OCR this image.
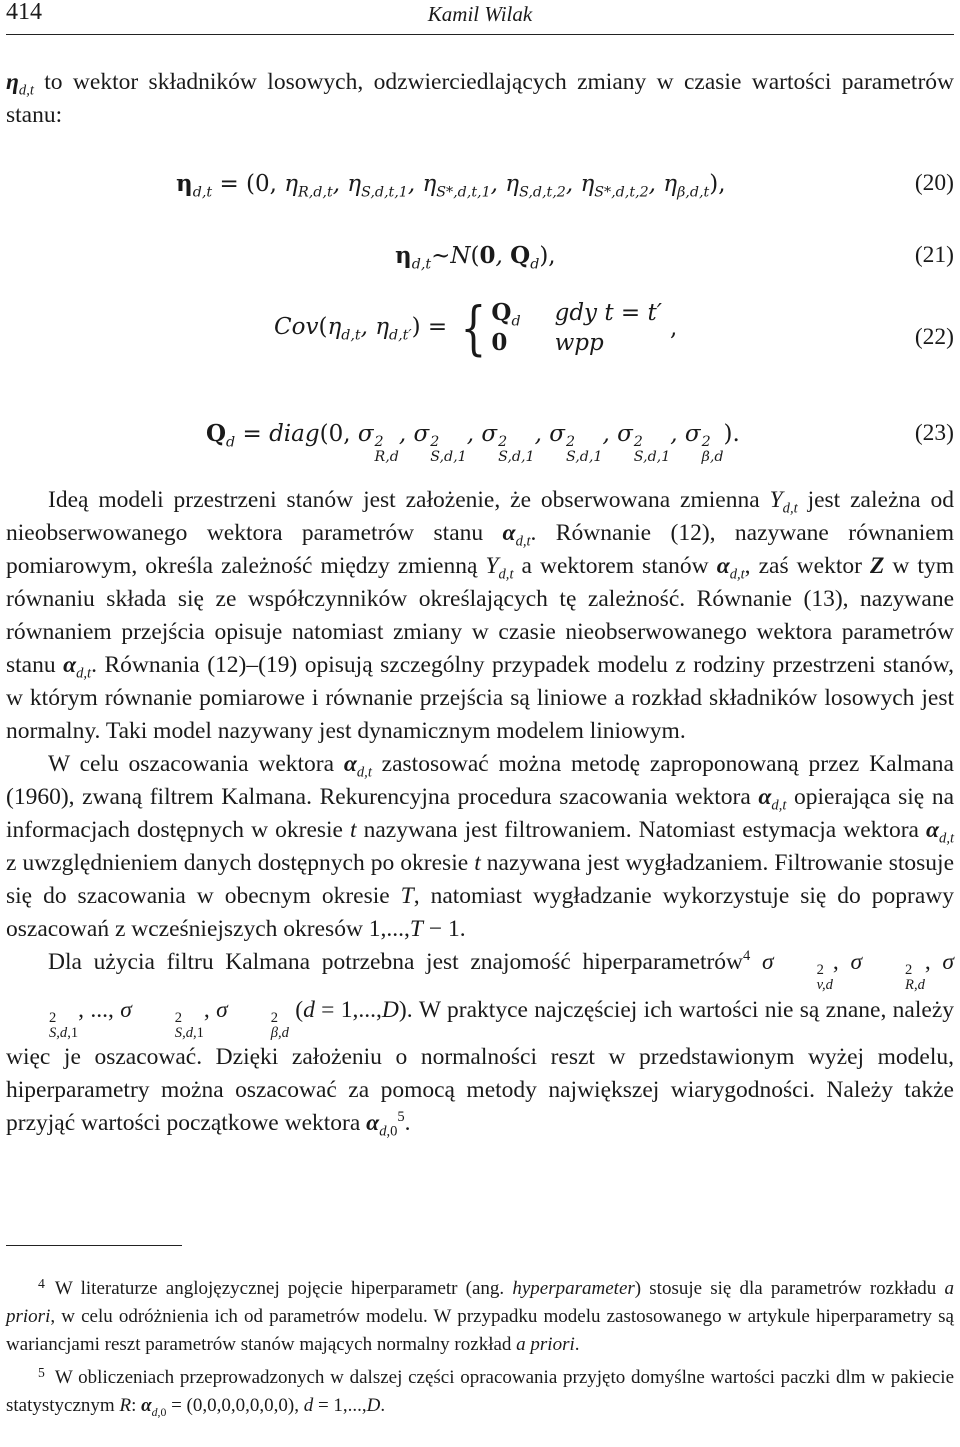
414	Kamil Wilak

$\eta_{d,t}$ to wektor składników losowych, odzwierciedlających zmiany w czasie wartości parametrów stanu:

$\eta_{d,t} = (0$, $\eta_{R,d,t}$, $\eta_{S,d,t,1}$, $\eta_{S*,d,t,1}$, $\eta_{S,d,t,2}$, $\eta_{S*,d,t,2}$, $\eta_{\beta,d,t}$),	(20)
$\eta_{d,t}\sim N(0$, $Q_d$),	(21)
$Cov(\eta_{d,t}$, $\eta_{d,t'}$) = { $Q_d$
0gdy t = t′
wpp,	(22)
$Q_d$ = diag(0, σ 2
R,d
, σ 2
S,d,1
, σ 2
S,d,1
, σ 2
S,d,1
, σ 2
S,d,1
, σ 2
β,d
).	(23)

Ideą modeli przestrzeni stanów jest założenie, że obserwowana zmienna $Y_{d,t}$ jest zależna od nieobserwowanego wektora parametrów stanu $\alpha_{d,t}$. Równanie (12), nazywane równaniem pomiarowym, określa zależność między zmienną $Y_{d,t}$ a wektorem stanów $\alpha_{d,t}$, zaś wektor Z w tym równaniu składa się ze współczynników określających tę zależność. Równanie (13), nazywane równaniem przejścia opisuje natomiast zmiany w czasie nieobserwowanego wektora parametrów stanu $\alpha_{d,t}$. Równania (12)–(19) opisują szczególny przypadek modelu z rodziny przestrzeni stanów, w którym równanie pomiarowe i równanie przejścia są liniowe a rozkład składników losowych jest normalny. Taki model nazywany jest dynamicznym modelem liniowym.

W celu oszacowania wektora $\alpha_{d,t}$ zastosować można metodę zaproponowaną przez Kalmana (1960), zwaną filtrem Kalmana. Rekurencyjna procedura szacowania wektora $\alpha_{d,t}$ opierająca się na informacjach dostępnych w okresie t nazywana jest filtrowaniem. Natomiast estymacja wektora $\alpha_{d,t}$ z uwzględnieniem danych dostępnych po okresie t nazywana jest wygładzaniem. Filtrowanie stosuje się do szacowania w obecnym okresie T, natomiast wygładzanie wykorzystuje się do poprawy oszacowań z wcześniejszych okresów 1,...,T − 1.

Dla użycia filtru Kalmana potrzebna jest znajomość hiperparametrów$^4$ σ	2
v,d
, σ	2
R,d
, σ
2
S,d,1
, ..., σ	2
S,d,1
, σ	2
β,d
(d = 1,...,D). W praktyce najczęściej ich wartości nie są znane, należy więc je oszacować. Dzięki założeniu o normalności reszt w przedstawionym wyżej modelu, hiperparametry można oszacować za pomocą metody największej wiarygodności. Należy także przyjąć wartości początkowe wektora $\alpha_{d,0}^5$.

$^4$ W literaturze anglojęzycznej pojęcie hiperparametr (ang. hyperparameter) stosuje się dla parametrów rozkładu a priori, w celu odróżnienia ich od parametrów modelu. W przypadku modelu zastosowanego w artykule hiperparametry są wariancjami reszt parametrów stanów mających normalny rozkład a priori.

$^5$ W obliczeniach przeprowadzonych w dalszej części opracowania przyjęto domyślne wartości paczki dlm w pakiecie statystycznym R: $\alpha_{d,0} = (0,0,0,0,0,0,0)$, d = 1,...,D.
